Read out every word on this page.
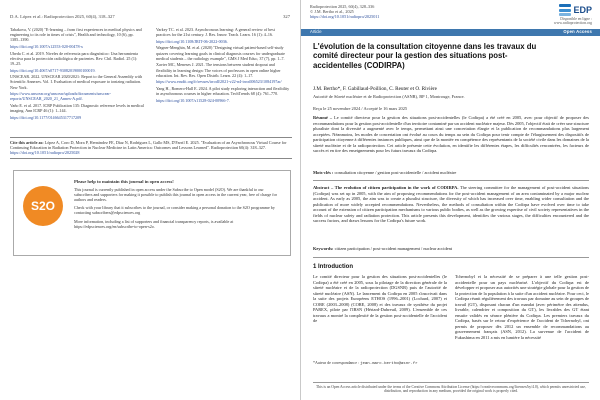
D.A. López et al.: Radioprotection 2025, 60(4), 318–327	327

Tabakova, V. (2020) "E-learning – from first experiences in medical physics and engineering to its role in times of crisis", Health and technology, 10 (6), pp. 1385–1390.

https://doi.org/10.1007/s12553-020-00478-x

Ubeda C. et al. 2019. Niveles de referencia para diagnóstico: Una herramienta efectiva para la protección radiológica de pacientes. Rev. Chil. Radiol. 25 (1): 19–25.

https://doi.org/10.4067/s0717-93082019000100019.

UNSCEAR. 2022. UNSCEAR 2020/2021: Report to the General Assembly with Scientific Annexes. Vol. I. Evaluation of medical exposure to ionizing radiation. New York.

https://www.unscear.org/unscear/uploads/documents/unscear-reports/UNSCEAR_2020_21_Annex-A.pdf.

Vaño E. et al. 2017. ICRP Publication 135: Diagnostic reference levels in medical imaging. Ann ICRP 46 (1): 1–144.

https://doi.org/10.1177/0146645317717209

Varkey TC. et al. 2023. Asynchronous learning: A general review of best practices for the 21st century. J. Res. Innov. Teach. Learn. 16 (1): 4–16.

https://doi.org/10.1108/JRIT-06-2022-0036.

Wagner-Menghin, M. et al. (2020) "Designing virtual patient-based self-study quizzes covering learning goals in clinical diagnosis courses for undergraduate medical students – the radiology example", GMS J Med Educ, 37 (7), pp. 1–7.

Xavier MC, Meneses J. 2021. The tensions between student dropout and flexibility in learning design: The voices of professors in open online higher education. Int. Rev. Res. Open Distrib. Learn. 22 (4): 1–17.

https://www.erudit.org/fr/revues/irrodl/2021-v22-n4-irrodl06523/1084197ar/

Yang H., Romero-Hall E. 2024. A pilot study exploring interaction and flexibility in asynchronous courses in higher education. TechTrends 68 (4): 761–770.

https://doi.org/10.1007/s11528-024-00966-7.

Cite this article as: López A, Coro D, Mora P, Hernández FE, Díaz N, Rodríguez L, Gallo MS, D'Farril E. 2025. "Evaluation of an Asynchronous Virtual Course for Continuing Education in Radiation Protection in Nuclear Medicine in Latin America: Outcomes and Lessons Learned". Radioprotection 60(4): 318–327. https://doi.org/10.1051/radiopro/2025028
S2O

Please help to maintain this journal in open access!

This journal is currently published in open access under the Subscribe to Open model (S2O). We are thankful to our subscribers and supporters for making it possible to publish this journal in open access in the current year, free of charge for authors and readers.

Check with your library that it subscribes to the journal, or consider making a personal donation to the S2O programme by contacting subscribers@edpsciences.org

More information, including a list of supporters and financial transparency reports, is available at https://edpsciences.org/en/subscribe-to-open-s2o.

Radioprotection 2025, 60(4), 328–336
© J.M. Bertho et al., 2025
https://doi.org/10.1051/radiopro/2025011
EDP
Disponible en ligne :
www.radioprotection.org
Article	Open Access
L'évolution de la consultation citoyenne dans les travaux du comité directeur pour la gestion des situations post-accidentelles (CODIRPA)
J.M. Bertho*, F. Gabillaud-Poillion, C. Reuter et O. Rivière
Autorité de Sûreté nucléaire et de Radioprotection (ASNR), BP 1, Montrouge, France.
Reçu le 25 novembre 2024 / Accepté le 16 mars 2025
Résumé – Le comité directeur pour la gestion des situations post-accidentelles (le Codirpa) a été créé en 2005, avec pour objectif de proposer des recommandations pour la gestion post-accidentelle d'un territoire contaminé par un accident nucléaire majeur. Dès 2005, l'objectif était de créer une structure pluraliste dont la diversité a augmenté avec le temps, permettant ainsi une concertation élargie et la publication de recommandations plus largement acceptées. Néanmoins, les modes de concertation ont évolué au cours du temps au sein du Codirpa pour tenir compte de l'élargissement des dispositifs de participation citoyenne à différentes instances publiques, ainsi que de la montée en compétence des représentants de la société civile dans les domaines de la sûreté nucléaire et de la radioprotection. Cet article présente cette évolution, en identifie les différentes étapes, les difficultés rencontrées, les facteurs de succès et en tire des enseignements pour les futurs travaux du Codirpa.
Mots-clés : consultation citoyenne / gestion post-accidentelle / accident nucléaire
Abstract – The evolution of citizen participation in the work of CODIRPA. The steering committee for the management of post-accident situations (Codirpa) was set up in 2005, with the aim of proposing recommendations for the post-accident management of an area contaminated by a major nuclear accident. As early as 2005, the aim was to create a pluralist structure, the diversity of which has increased over time, enabling wider consultation and the publication of more widely accepted recommendations. Nevertheless, the methods of consultation within the Codirpa have evolved over time to take account of the extension of citizen participation mechanisms to various public bodies, as well as the growing expertise of civil society representatives in the fields of nuclear safety and radiation protection. This article presents this development, identifies the various stages, the difficulties encountered and the success factors, and draws lessons for the Codirpa's future work.
Keywords: citizen participation / post-accident management / nuclear accident
1 Introduction
Le comité directeur pour la gestion des situations post-accidentelles (le Codirpa) a été créé en 2005, sous la pilotage de la direction générale de la sûreté nucléaire et de la radioprotection (DGSNR) puis de l'autorité de sûreté nucléaire (ASN). Le lancement du Codirpa en 2005 s'inscrivait dans la suite des projets Européens ETHOS (1996–2001) (Lochard, 2007) et CORE (2003–2008) (CORE, 2008) et des travaux de synthèse du projet PAREX, pilote par l'IRSN (Hériard-Dubreuil, 2009). L'ensemble de ces travaux a montré la complexité de la gestion post-accidentelle de l'accident de
Tchernobyl et la nécessité de se préparer à une telle gestion post-accidentelle pour un pays nucléarisé. L'objectif du Codirpa est de développer et proposer aux autorités une stratégie globale pour la gestion de la protection de la population à la suite d'un accident nucléaire. Pour ceci, le Codirpa réunit régulièrement des travaux par domaine au sein de groupes de travail (GT), disposant chacun d'un mandat (avec périmètre des attendus, livrable, calendrier et composition du GT), les livrables des GT étant ensuite validés en séance plénière du Codirpa. Les premiers travaux du Codirpa, basés sur le retour d'expérience de l'accident de Tchernobyl, ont permis de proposer dès 2012 un ensemble de recommandations au gouvernement français (ASN, 2012). La survenue de l'accident de Fukushima en 2011 a mis en lumière la nécessité
*Auteur de correspondance : jean-marc.bertho@asnr.fr
This is an Open Access article distributed under the terms of the Creative Commons Attribution License (https://creativecommons.org/licenses/by/4.0), which permits unrestricted use, distribution, and reproduction in any medium, provided the original work is properly cited.
